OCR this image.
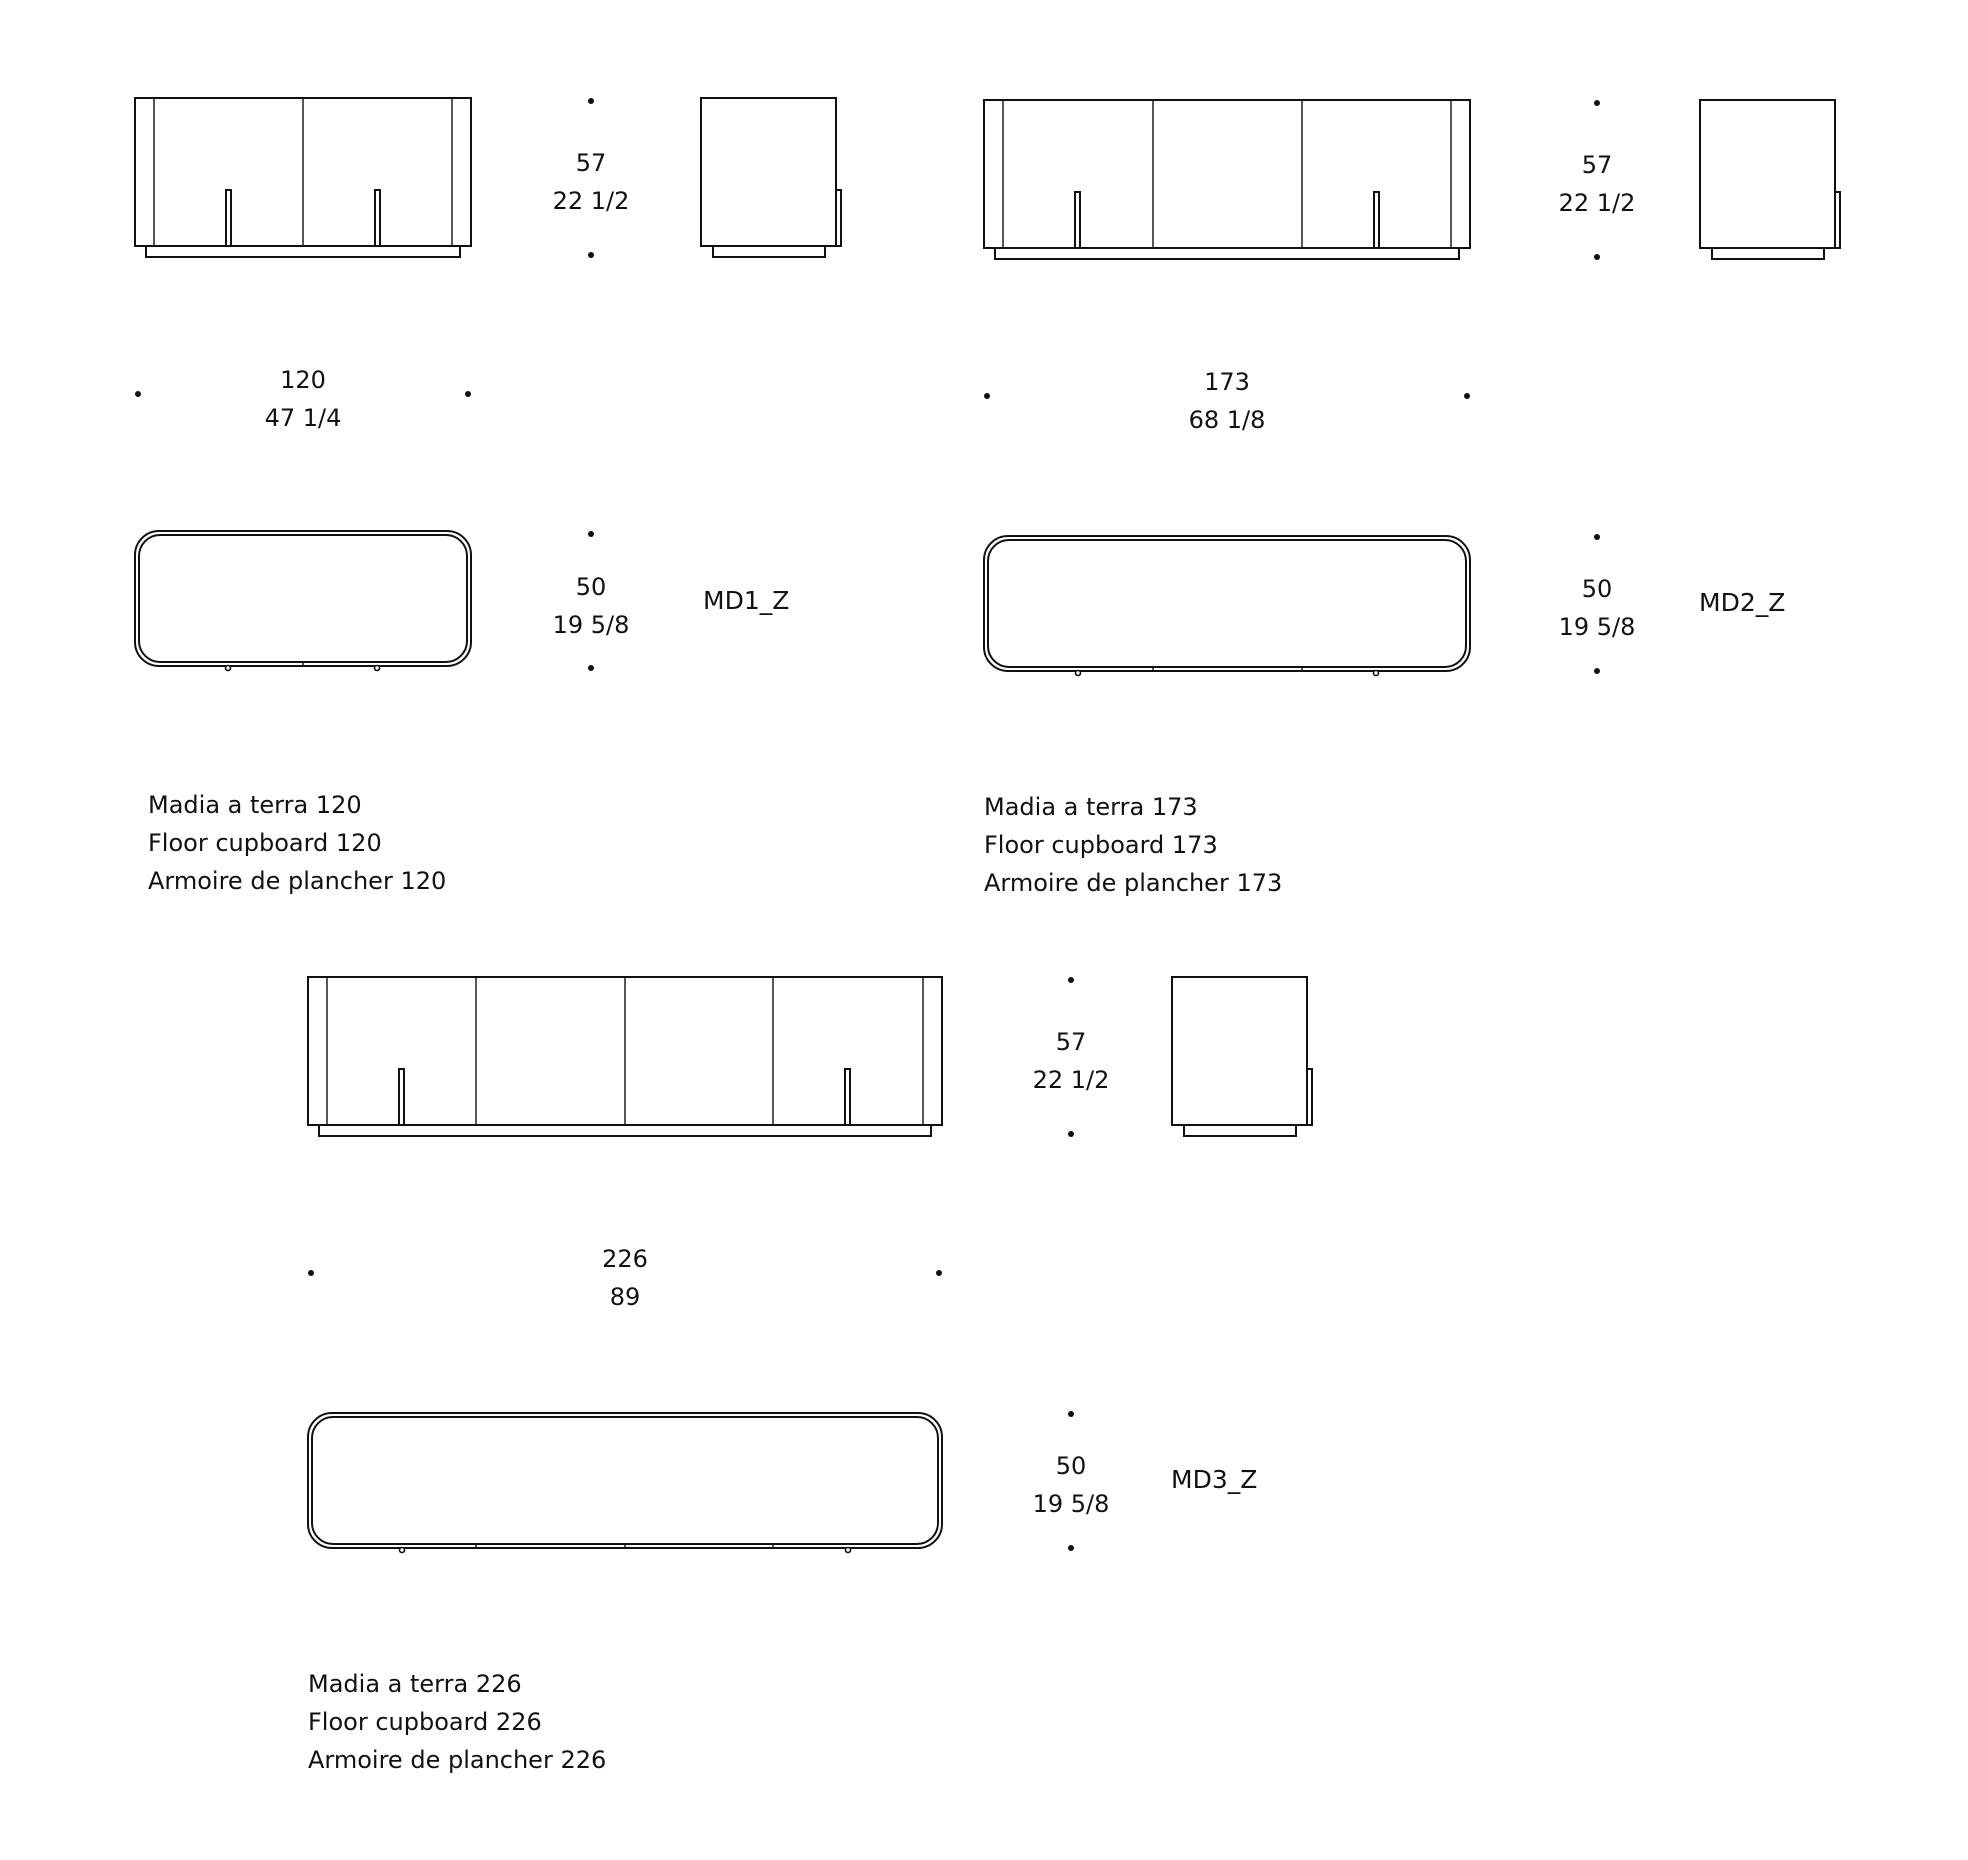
57
22 1/2
120
47 1/4
50
19 5/8
MD1_Z
Madia a terra 120
Floor cupboard 120
Armoire de plancher 120
57
22 1/2
173
68 1/8
50
19 5/8
MD2_Z
Madia a terra 173
Floor cupboard 173
Armoire de plancher 173
57
22 1/2
226
89
50
19 5/8
MD3_Z
Madia a terra 226
Floor cupboard 226
Armoire de plancher 226
